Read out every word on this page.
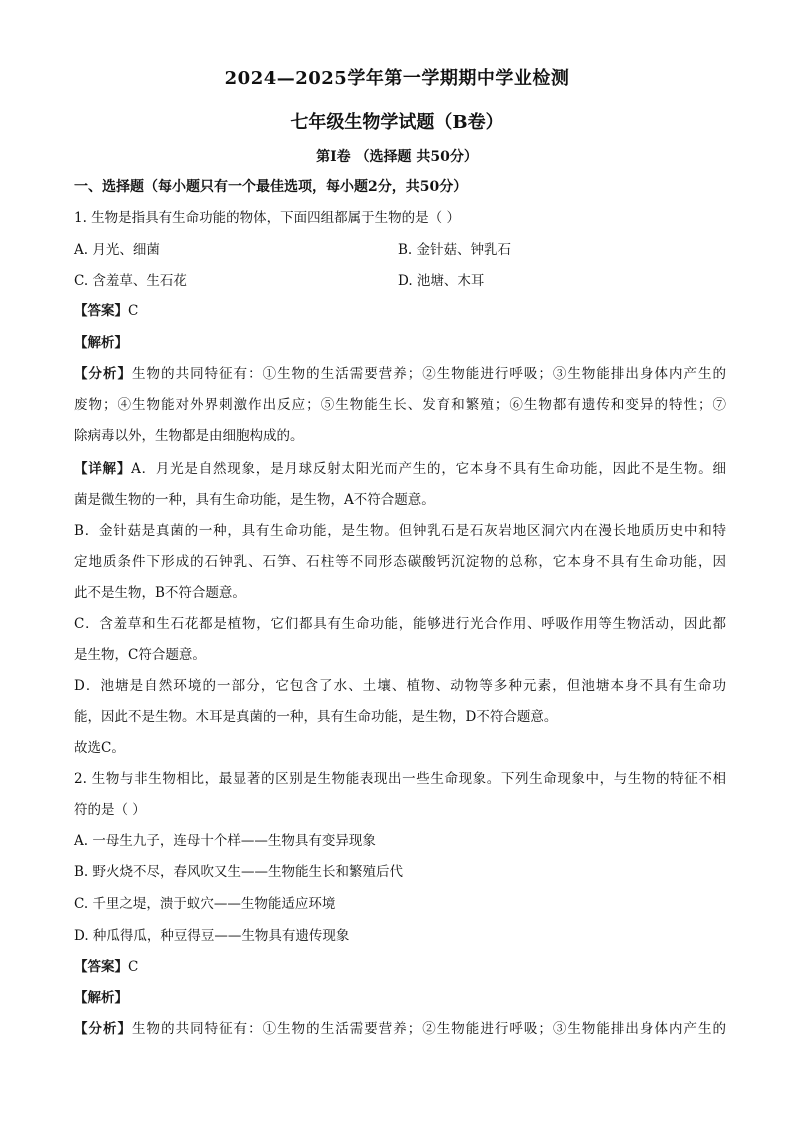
2024—2025学年第一学期期中学业检测
七年级生物学试题（B卷）
第Ⅰ卷 （选择题 共50分）
一、选择题（每小题只有一个最佳选项，每小题2分，共50分）
1. 生物是指具有生命功能的物体，下面四组都属于生物的是（ ）
A. 月光、细菌	B. 金针菇、钟乳石
C. 含羞草、生石花	D. 池塘、木耳
【答案】C
【解析】
【分析】生物的共同特征有：①生物的生活需要营养；②生物能进行呼吸；③生物能排出身体内产生的
废物；④生物能对外界刺激作出反应；⑤生物能生长、发育和繁殖；⑥生物都有遗传和变异的特性；⑦
除病毒以外，生物都是由细胞构成的。
【详解】A．月光是自然现象，是月球反射太阳光而产生的，它本身不具有生命功能，因此不是生物。细
菌是微生物的一种，具有生命功能，是生物，A不符合题意。
B．金针菇是真菌的一种，具有生命功能，是生物。但钟乳石是石灰岩地区洞穴内在漫长地质历史中和特
定地质条件下形成的石钟乳、石笋、石柱等不同形态碳酸钙沉淀物的总称，它本身不具有生命功能，因
此不是生物，B不符合题意。
C．含羞草和生石花都是植物，它们都具有生命功能，能够进行光合作用、呼吸作用等生物活动，因此都
是生物，C符合题意。
D．池塘是自然环境的一部分，它包含了水、土壤、植物、动物等多种元素，但池塘本身不具有生命功
能，因此不是生物。木耳是真菌的一种，具有生命功能，是生物，D不符合题意。
故选C。
2. 生物与非生物相比，最显著的区别是生物能表现出一些生命现象。下列生命现象中，与生物的特征不相
符的是（ ）
A. 一母生九子，连母十个样——生物具有变异现象
B. 野火烧不尽，春风吹又生——生物能生长和繁殖后代
C. 千里之堤，溃于蚁穴——生物能适应环境
D. 种瓜得瓜，种豆得豆——生物具有遗传现象
【答案】C
【解析】
【分析】生物的共同特征有：①生物的生活需要营养；②生物能进行呼吸；③生物能排出身体内产生的
